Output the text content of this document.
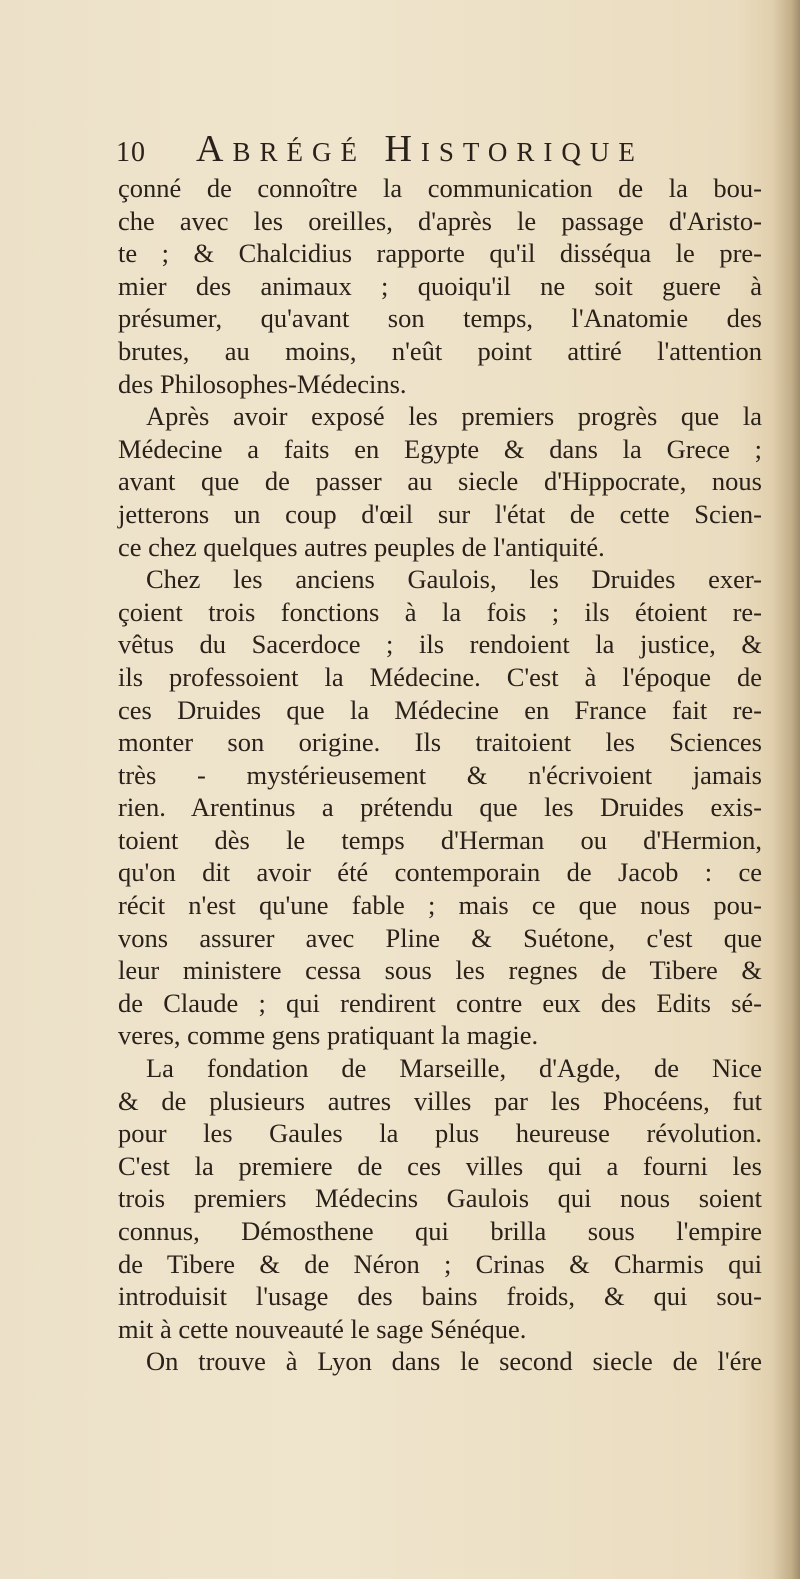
10	Abrégé Historique
çonné de connoître la communication de la bou-
che avec les oreilles, d'après le passage d'Aristo-
te ; & Chalcidius rapporte qu'il disséqua le pre-
mier des animaux ; quoiqu'il ne soit guere à
présumer, qu'avant son temps, l'Anatomie des
brutes, au moins, n'eût point attiré l'attention
des Philosophes-Médecins.
Après avoir exposé les premiers progrès que la
Médecine a faits en Egypte & dans la Grece ;
avant que de passer au siecle d'Hippocrate, nous
jetterons un coup d'œil sur l'état de cette Scien-
ce chez quelques autres peuples de l'antiquité.
Chez les anciens Gaulois, les Druides exer-
çoient trois fonctions à la fois ; ils étoient re-
vêtus du Sacerdoce ; ils rendoient la justice, &
ils professoient la Médecine. C'est à l'époque de
ces Druides que la Médecine en France fait re-
monter son origine. Ils traitoient les Sciences
très - mystérieusement & n'écrivoient jamais
rien. Arentinus a prétendu que les Druides exis-
toient dès le temps d'Herman ou d'Hermion,
qu'on dit avoir été contemporain de Jacob : ce
récit n'est qu'une fable ; mais ce que nous pou-
vons assurer avec Pline & Suétone, c'est que
leur ministere cessa sous les regnes de Tibere &
de Claude ; qui rendirent contre eux des Edits sé-
veres, comme gens pratiquant la magie.
La fondation de Marseille, d'Agde, de Nice
& de plusieurs autres villes par les Phocéens, fut
pour les Gaules la plus heureuse révolution.
C'est la premiere de ces villes qui a fourni les
trois premiers Médecins Gaulois qui nous soient
connus, Démosthene qui brilla sous l'empire
de Tibere & de Néron ; Crinas & Charmis qui
introduisit l'usage des bains froids, & qui sou-
mit à cette nouveauté le sage Sénéque.
On trouve à Lyon dans le second siecle de l'ére
